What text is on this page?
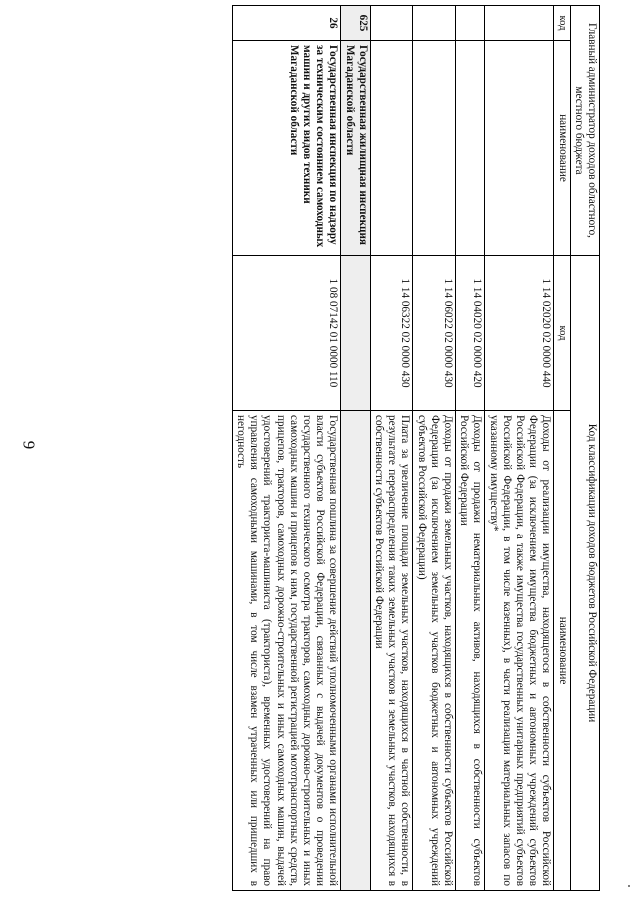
9
Главный администратор доходов областного, местного бюджета		Код классификации доходов бюджетов Российской Федерации	
код	наименование	код	наименование
		1 14 02020 02 0000 440	Доходы от реализации имущества, находящегося в собственности субъектов Российской Федерации (за исключением имущества бюджетных и автономных учреждений субъектов Российской Федерации, а также имущества государственных унитарных предприятий субъектов Российской Федерации, в том числе казенных), в части реализации материальных запасов по указанному имуществу*
		1 14 04020 02 0000 420	Доходы от продажи нематериальных активов, находящихся в собственности субъектов Российской Федерации
		1 14 06022 02 0000 430	Доходы от продажи земельных участков, находящихся в собственности субъектов Российской Федерации (за исключением земельных участков бюджетных и автономных учреждений субъектов Российской Федерации)
		1 14 06322 02 0000 430	Плата за увеличение площади земельных участков, находящихся в частной собственности, в результате перераспределения таких земельных участков и земельных участков, находящихся в собственности субъектов Российской Федерации
625	Государственная жилищная инспекция Магаданской области		
26	Государственная инспекция по надзору за техническим состоянием самоходных машин и других видов техники Магаданской области	1 08 07142 01 0000 110	Государственная пошлина за совершение действий уполномоченными органами исполнительной власти субъектов Российской Федерации, связанных с выдачей документов о проведении государственного технического осмотра тракторов, самоходных дорожно-строительных и иных самоходных машин и прицепов к ним, государственной регистрацией мототранспортных средств, прицепов, тракторов, самоходных дорожно-строительных и иных самоходных машин, выдачей удостоверений тракториста-машиниста (тракториста), временных удостоверений на право управления самоходными машинами, в том числе взамен утраченных или пришедших в негодность
